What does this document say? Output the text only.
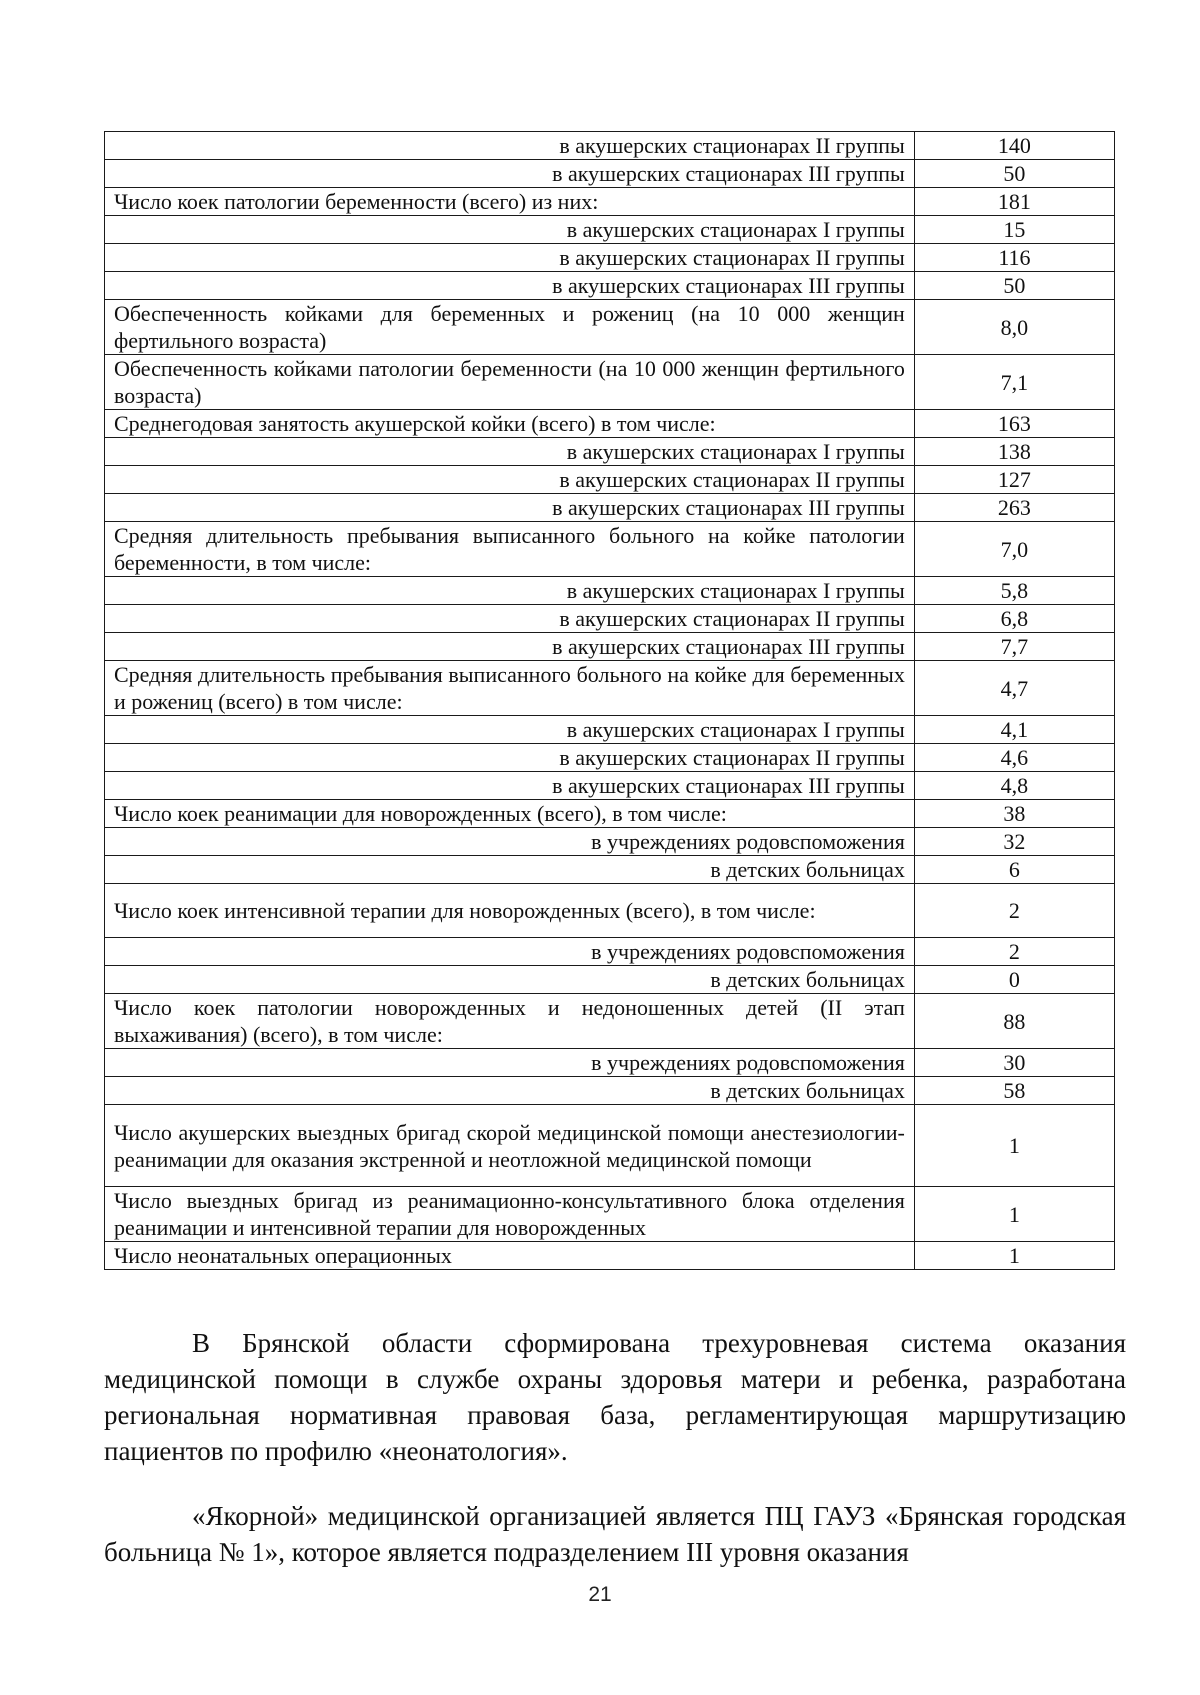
в акушерских стационарах II группы	140
в акушерских стационарах III группы	50
Число коек патологии беременности (всего) из них:	181
в акушерских стационарах I группы	15
в акушерских стационарах II группы	116
в акушерских стационарах III группы	50
Обеспеченность койками для беременных и рожениц (на 10 000 женщин фертильного возраста)	8,0
Обеспеченность койками патологии беременности (на 10 000 женщин фертильного возраста)	7,1
Среднегодовая занятость акушерской койки (всего) в том числе:	163
в акушерских стационарах I группы	138
в акушерских стационарах II группы	127
в акушерских стационарах III группы	263
Средняя длительность пребывания выписанного больного на койке патологии беременности, в том числе:	7,0
в акушерских стационарах I группы	5,8
в акушерских стационарах II группы	6,8
в акушерских стационарах III группы	7,7
Средняя длительность пребывания выписанного больного на койке для беременных и рожениц (всего) в том числе:	4,7
в акушерских стационарах I группы	4,1
в акушерских стационарах II группы	4,6
в акушерских стационарах III группы	4,8
Число коек реанимации для новорожденных (всего), в том числе:	38
в учреждениях родовспоможения	32
в детских больницах	6
Число коек интенсивной терапии для новорожденных (всего), в том числе:	2
в учреждениях родовспоможения	2
в детских больницах	0
Число коек патологии новорожденных и недоношенных детей (II этап выхаживания) (всего), в том числе:	88
в учреждениях родовспоможения	30
в детских больницах	58
Число акушерских выездных бригад скорой медицинской помощи анестезиологии-реанимации для оказания экстренной и неотложной медицинской помощи	1
Число выездных бригад из реанимационно-консультативного блока отделения реанимации и интенсивной терапии для новорожденных	1
Число неонатальных операционных	1

В Брянской области сформирована трехуровневая система оказания медицинской помощи в службе охраны здоровья матери и ребенка, разработана региональная нормативная правовая база, регламентирующая маршрутизацию пациентов по профилю «неонатология».

«Якорной» медицинской организацией является ПЦ ГАУЗ «Брянская городская больница № 1», которое является подразделением III уровня оказания

21
